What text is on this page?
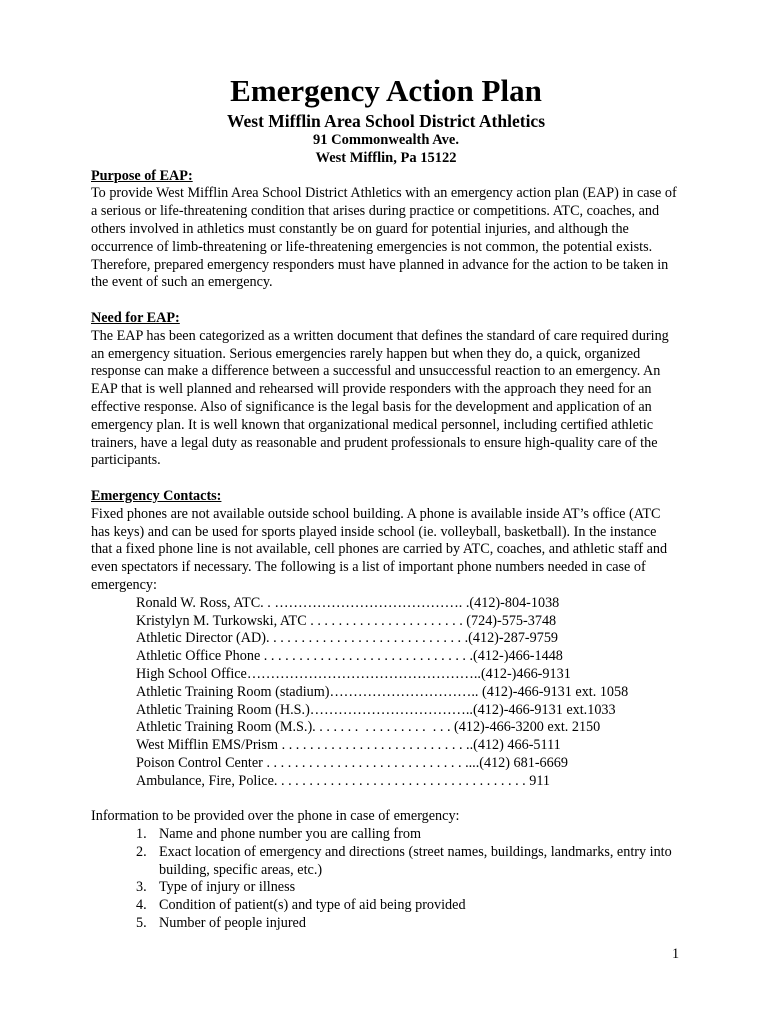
Emergency Action Plan
West Mifflin Area School District Athletics
91 Commonwealth Ave.
West Mifflin, Pa 15122
Purpose of EAP:

To provide West Mifflin Area School District Athletics with an emergency action plan (EAP) in case of a serious or life-threatening condition that arises during practice or competitions. ATC, coaches, and others involved in athletics must constantly be on guard for potential injuries, and although the occurrence of limb-threatening or life-threatening emergencies is not common, the potential exists. Therefore, prepared emergency responders must have planned in advance for the action to be taken in the event of such an emergency.

Need for EAP:

The EAP has been categorized as a written document that defines the standard of care required during an emergency situation. Serious emergencies rarely happen but when they do, a quick, organized response can make a difference between a successful and unsuccessful reaction to an emergency. An EAP that is well planned and rehearsed will provide responders with the approach they need for an effective response. Also of significance is the legal basis for the development and application of an emergency plan. It is well known that organizational medical personnel, including certified athletic trainers, have a legal duty as reasonable and prudent professionals to ensure high-quality care of the participants.

Emergency Contacts:

Fixed phones are not available outside school building. A phone is available inside AT’s office (ATC has keys) and can be used for sports played inside school (ie. volleyball, basketball). In the instance that a fixed phone line is not available, cell phones are carried by ATC, coaches, and athletic staff and even spectators if necessary. The following is a list of important phone numbers needed in case of emergency:

Ronald W. Ross, ATC. . …………………………………. .(412)-804-1038
Kristylyn M. Turkowski, ATC . . . . . . . . . . . . . . . . . . . . . . (724)-575-3748
Athletic Director (AD). . . . . . . . . . . . . . . . . . . . . . . . . . . . .(412)-287-9759
Athletic Office Phone . . . . . . . . . . . . . . . . . . . . . . . . . . . . . .(412-)466-1448
High School Office…………………………………………..(412-)466-9131
Athletic Training Room (stadium)………………………….. (412)-466-9131 ext. 1058
Athletic Training Room (H.S.)……………………………..(412)-466-9131 ext.1033
Athletic Training Room (M.S.). . . . . . .  . . . . . . . . .  . . . (412)-466-3200 ext. 2150
West Mifflin EMS/Prism . . . . . . . . . . . . . . . . . . . . . . . . . . ..(412) 466-5111
Poison Control Center . . . . . . . . . . . . . . . . . . . . . . . . . . . . ....(412) 681-6669
Ambulance, Fire, Police. . . . . . . . . . . . . . . . . . . . . . . . . . . . . . . . . . . . 911

Information to be provided over the phone in case of emergency:

1. Name and phone number you are calling from
2. Exact location of emergency and directions (street names, buildings, landmarks, entry into building, specific areas, etc.)
3. Type of injury or illness
4. Condition of patient(s) and type of aid being provided
5. Number of people injured
1
